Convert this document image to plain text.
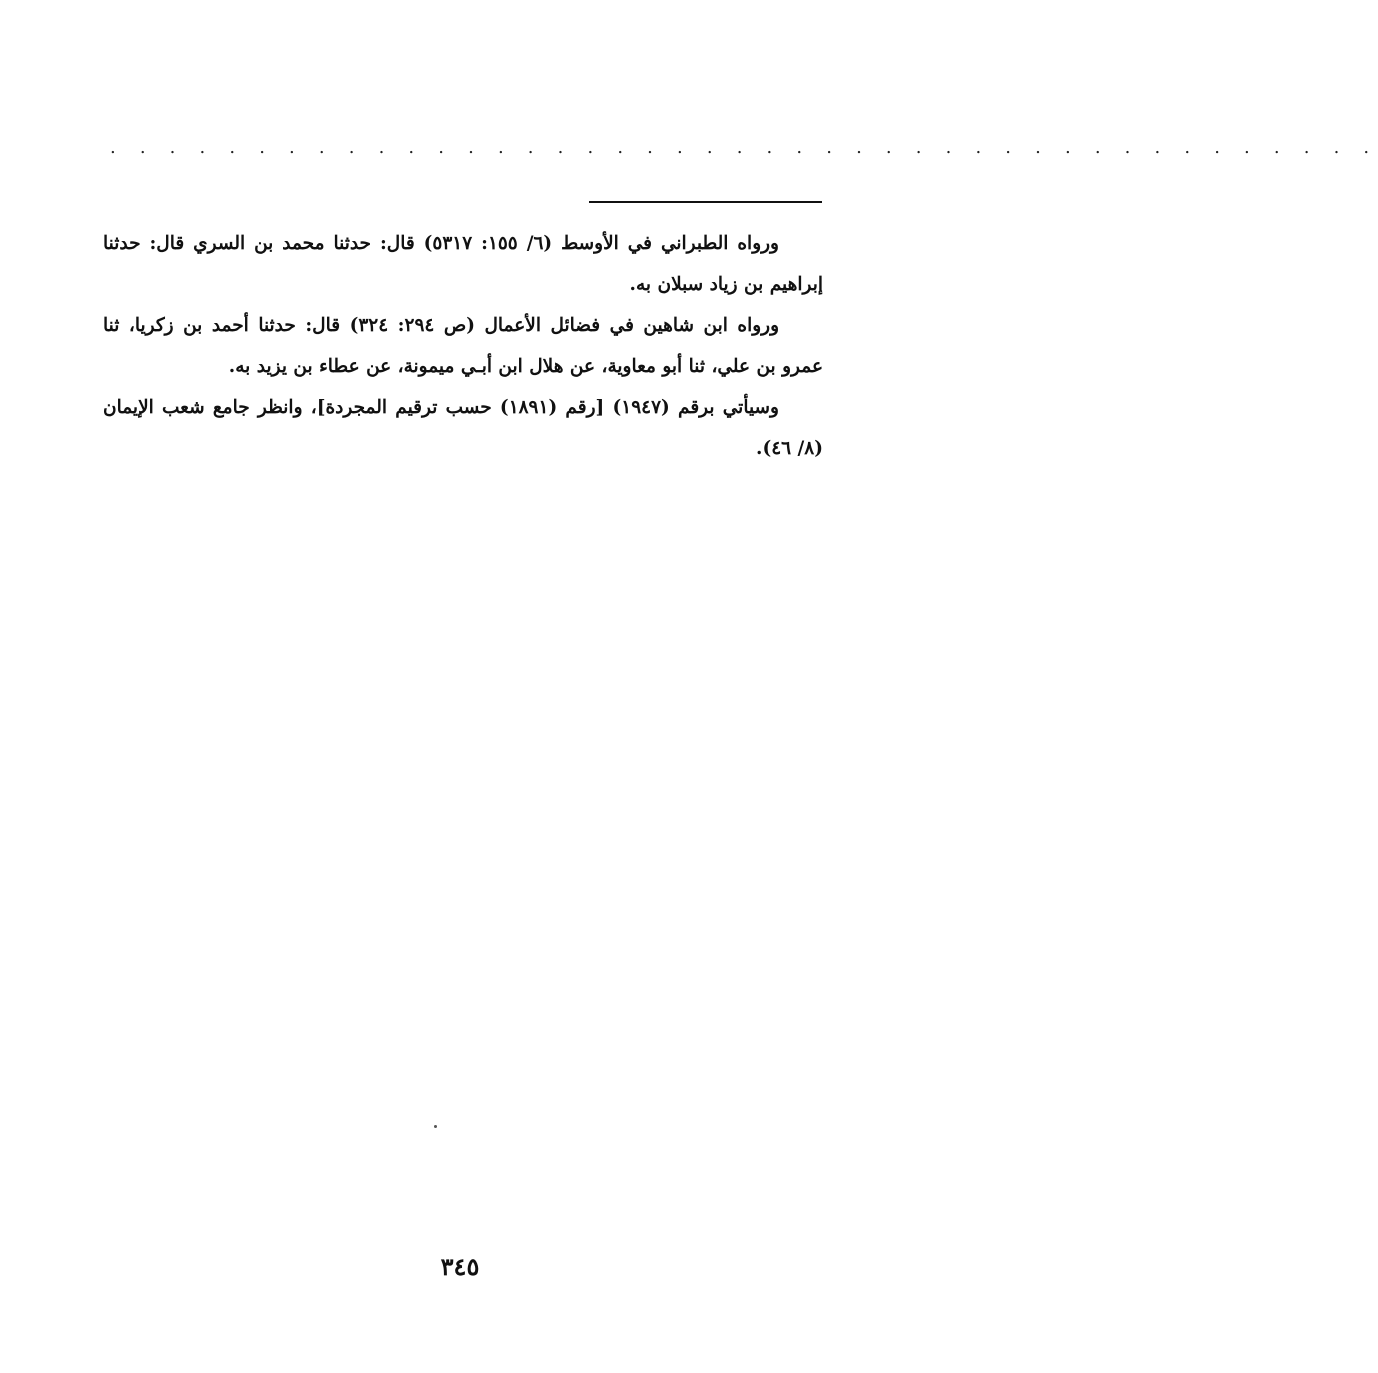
. . . . . . . . . . . . . . . . . . . . . . . . . . . . . . . . . . . . . . . . . . .

ورواه الطبراني في الأوسط (٦/ ١٥٥: ٥٣١٧) قال: حدثنا محمد بن السري قال: حدثنا إبراهيم بن زياد سبلان به.

ورواه ابن شاهين في فضائل الأعمال (ص ٢٩٤: ٣٢٤) قال: حدثنا أحمد بن زكريا، ثنا عمرو بن علي، ثنا أبو معاوية، عن هلال ابن أبـي ميمونة، عن عطاء بن يزيد به.

وسيأتي برقم (١٩٤٧) [رقم (١٨٩١) حسب ترقيم المجردة]، وانظر جامع شعب الإيمان (٨/ ٤٦).

٣٤٥
